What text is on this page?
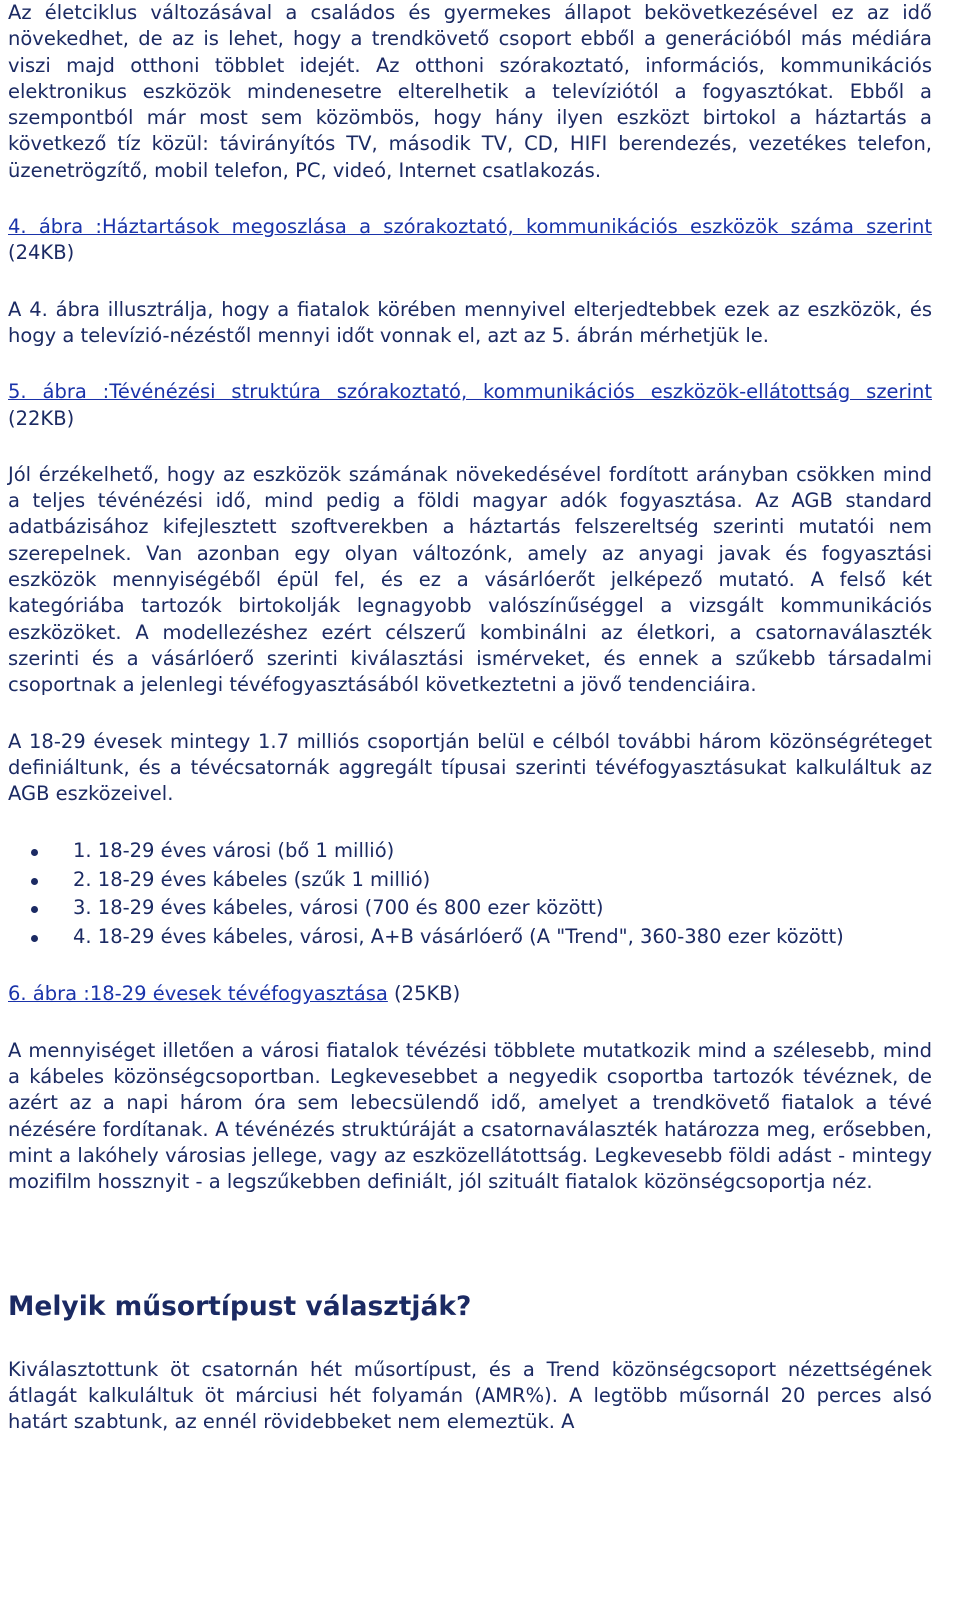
Az életciklus változásával a családos és gyermekes állapot bekövetkezésével ez az idő növekedhet, de az is lehet, hogy a trendkövető csoport ebből a generációból más médiára viszi majd otthoni többlet idejét. Az otthoni szórakoztató, információs, kommunikációs elektronikus eszközök mindenesetre elterelhetik a televíziótól a fogyasztókat. Ebből a szempontból már most sem közömbös, hogy hány ilyen eszközt birtokol a háztartás a következő tíz közül: távirányítós TV, második TV, CD, HIFI berendezés, vezetékes telefon, üzenetrögzítő, mobil telefon, PC, videó, Internet csatlakozás.

4. ábra :Háztartások megoszlása a szórakoztató, kommunikációs eszközök száma szerint (24KB)

A 4. ábra illusztrálja, hogy a fiatalok körében mennyivel elterjedtebbek ezek az eszközök, és hogy a televízió-nézéstől mennyi időt vonnak el, azt az 5. ábrán mérhetjük le.

5. ábra :Tévénézési struktúra szórakoztató, kommunikációs eszközök-ellátottság szerint (22KB)

Jól érzékelhető, hogy az eszközök számának növekedésével fordított arányban csökken mind a teljes tévénézési idő, mind pedig a földi magyar adók fogyasztása. Az AGB standard adatbázisához kifejlesztett szoftverekben a háztartás felszereltség szerinti mutatói nem szerepelnek. Van azonban egy olyan változónk, amely az anyagi javak és fogyasztási eszközök mennyiségéből épül fel, és ez a vásárlóerőt jelképező mutató. A felső két kategóriába tartozók birtokolják legnagyobb valószínűséggel a vizsgált kommunikációs eszközöket. A modellezéshez ezért célszerű kombinálni az életkori, a csatornaválaszték szerinti és a vásárlóerő szerinti kiválasztási ismérveket, és ennek a szűkebb társadalmi csoportnak a jelenlegi tévéfogyasztásából következtetni a jövő tendenciáira.

A 18-29 évesek mintegy 1.7 milliós csoportján belül e célból további három közönségréteget definiáltunk, és a tévécsatornák aggregált típusai szerinti tévéfogyasztásukat kalkuláltuk az AGB eszközeivel.

1. 18-29 éves városi (bő 1 millió)
2. 18-29 éves kábeles (szűk 1 millió)
3. 18-29 éves kábeles, városi (700 és 800 ezer között)
4. 18-29 éves kábeles, városi, A+B vásárlóerő (A "Trend", 360-380 ezer között)

6. ábra :18-29 évesek tévéfogyasztása (25KB)

A mennyiséget illetően a városi fiatalok tévézési többlete mutatkozik mind a szélesebb, mind a kábeles közönségcsoportban. Legkevesebbet a negyedik csoportba tartozók tévéznek, de azért az a napi három óra sem lebecsülendő idő, amelyet a trendkövető fiatalok a tévé nézésére fordítanak. A tévénézés struktúráját a csatornaválaszték határozza meg, erősebben, mint a lakóhely városias jellege, vagy az eszközellátottság. Legkevesebb földi adást - mintegy mozifilm hossznyit - a legszűkebben definiált, jól szituált fiatalok közönségcsoportja néz.

Melyik műsortípust választják?

Kiválasztottunk öt csatornán hét műsortípust, és a Trend közönségcsoport nézettségének átlagát kalkuláltuk öt márciusi hét folyamán (AMR%). A legtöbb műsornál 20 perces alsó határt szabtunk, az ennél rövidebbeket nem elemeztük. A
